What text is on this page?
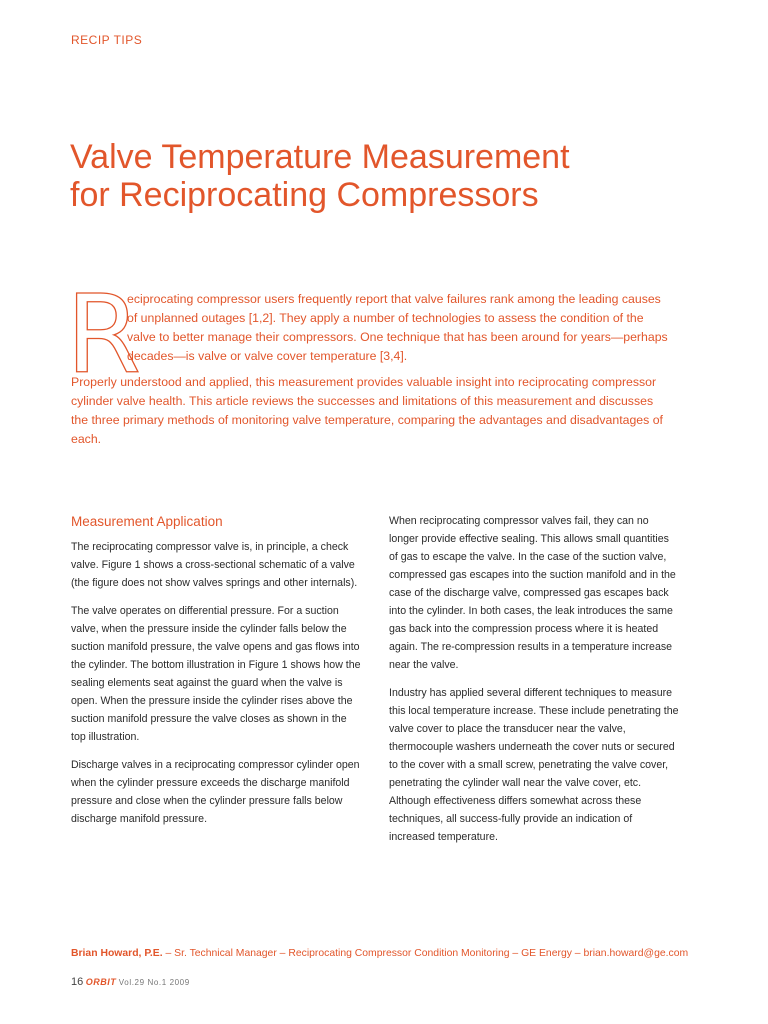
RECIP TIPS
Valve Temperature Measurement
for Reciprocating Compressors
R

eciprocating compressor users frequently report that valve failures rank among the leading causes of unplanned outages [1,2]. They apply a number of technologies to assess the condition of the valve to better manage their compressors. One technique that has been around for years—perhaps decades—is valve or valve cover temperature [3,4].

Properly understood and applied, this measurement provides valuable insight into reciprocating compressor cylinder valve health. This article reviews the successes and limitations of this measurement and discusses the three primary methods of monitoring valve temperature, comparing the advantages and disadvantages of each.

Measurement Application

The reciprocating compressor valve is, in principle, a check valve. Figure 1 shows a cross-sectional schematic of a valve (the figure does not show valves springs and other internals).

The valve operates on differential pressure. For a suction valve, when the pressure inside the cylinder falls below the suction manifold pressure, the valve opens and gas flows into the cylinder. The bottom illustration in Figure 1 shows how the sealing elements seat against the guard when the valve is open. When the pressure inside the cylinder rises above the suction manifold pressure the valve closes as shown in the top illustration.

Discharge valves in a reciprocating compressor cylinder open when the cylinder pressure exceeds the discharge manifold pressure and close when the cylinder pressure falls below discharge manifold pressure.

When reciprocating compressor valves fail, they can no longer provide effective sealing. This allows small quantities of gas to escape the valve. In the case of the suction valve, compressed gas escapes into the suction manifold and in the case of the discharge valve, compressed gas escapes back into the cylinder. In both cases, the leak introduces the same gas back into the compression process where it is heated again. The re-compression results in a temperature increase near the valve.

Industry has applied several different techniques to measure this local temperature increase. These include penetrating the valve cover to place the transducer near the valve, thermocouple washers underneath the cover nuts or secured to the cover with a small screw, penetrating the valve cover, penetrating the cylinder wall near the valve cover, etc. Although effectiveness differs somewhat across these techniques, all success-fully provide an indication of increased temperature.

Brian Howard, P.E. – Sr. Technical Manager – Reciprocating Compressor Condition Monitoring – GE Energy – brian.howard@ge.com
16 ORBIT Vol.29 No.1 2009
